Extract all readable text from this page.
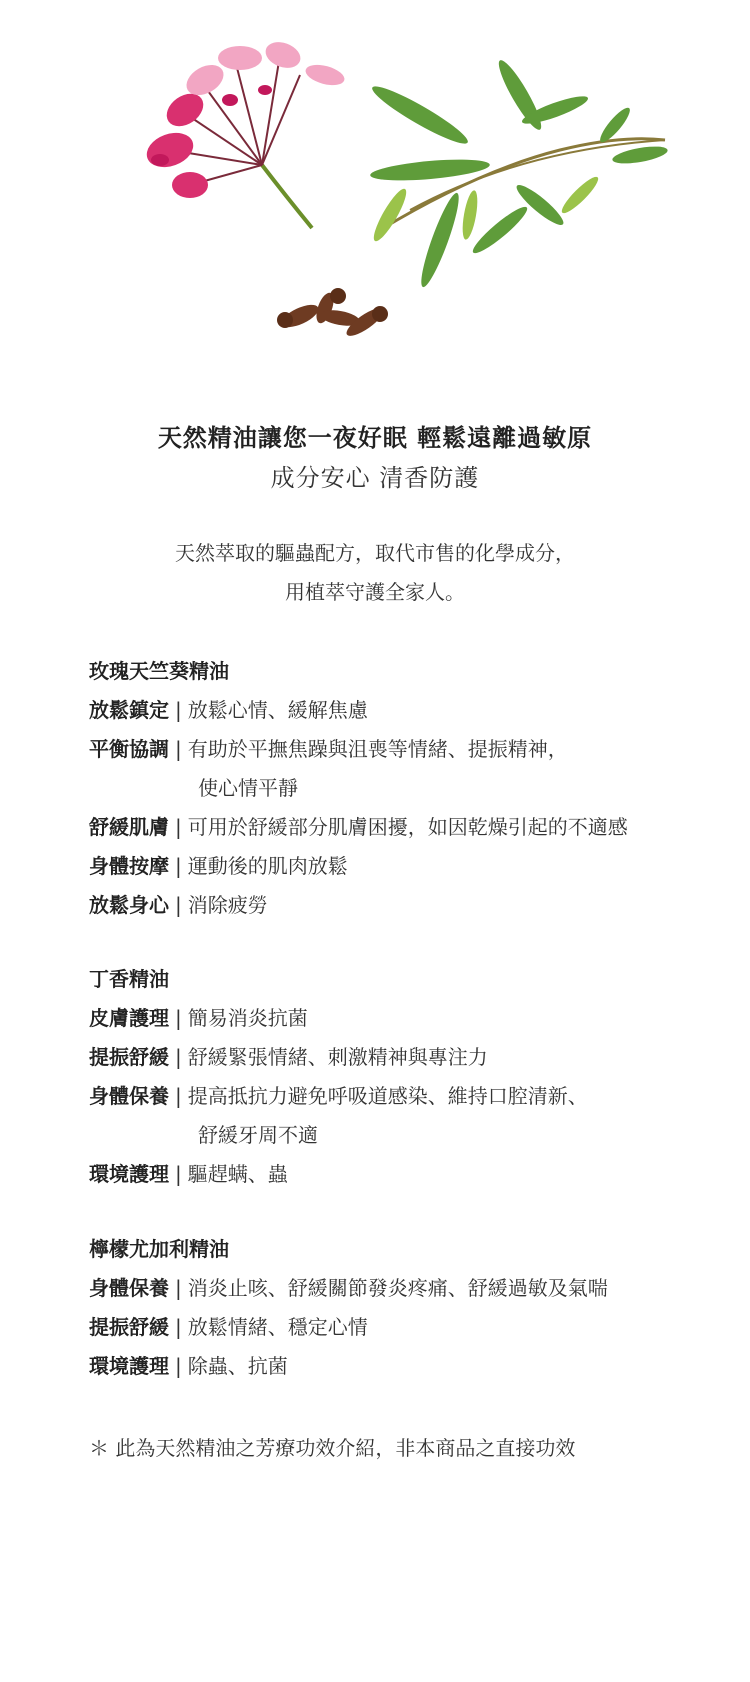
天然精油讓您一夜好眠 輕鬆遠離過敏原
成分安心 清香防護
天然萃取的驅蟲配方，取代市售的化學成分，
用植萃守護全家人。
玫瑰天竺葵精油
放鬆鎮定 | 放鬆心情、緩解焦慮
平衡協調 | 有助於平撫焦躁與沮喪等情緒、提振精神，
使心情平靜
舒緩肌膚 | 可用於舒緩部分肌膚困擾，如因乾燥引起的不適感
身體按摩 | 運動後的肌肉放鬆
放鬆身心 | 消除疲勞
丁香精油
皮膚護理 | 簡易消炎抗菌
提振舒緩 | 舒緩緊張情緒、刺激精神與專注力
身體保養 | 提高抵抗力避免呼吸道感染、維持口腔清新、
舒緩牙周不適
環境護理 | 驅趕螨、蟲
檸檬尤加利精油
身體保養 | 消炎止咳、舒緩關節發炎疼痛、舒緩過敏及氣喘
提振舒緩 | 放鬆情緒、穩定心情
環境護理 | 除蟲、抗菌
＊ 此為天然精油之芳療功效介紹，非本商品之直接功效
